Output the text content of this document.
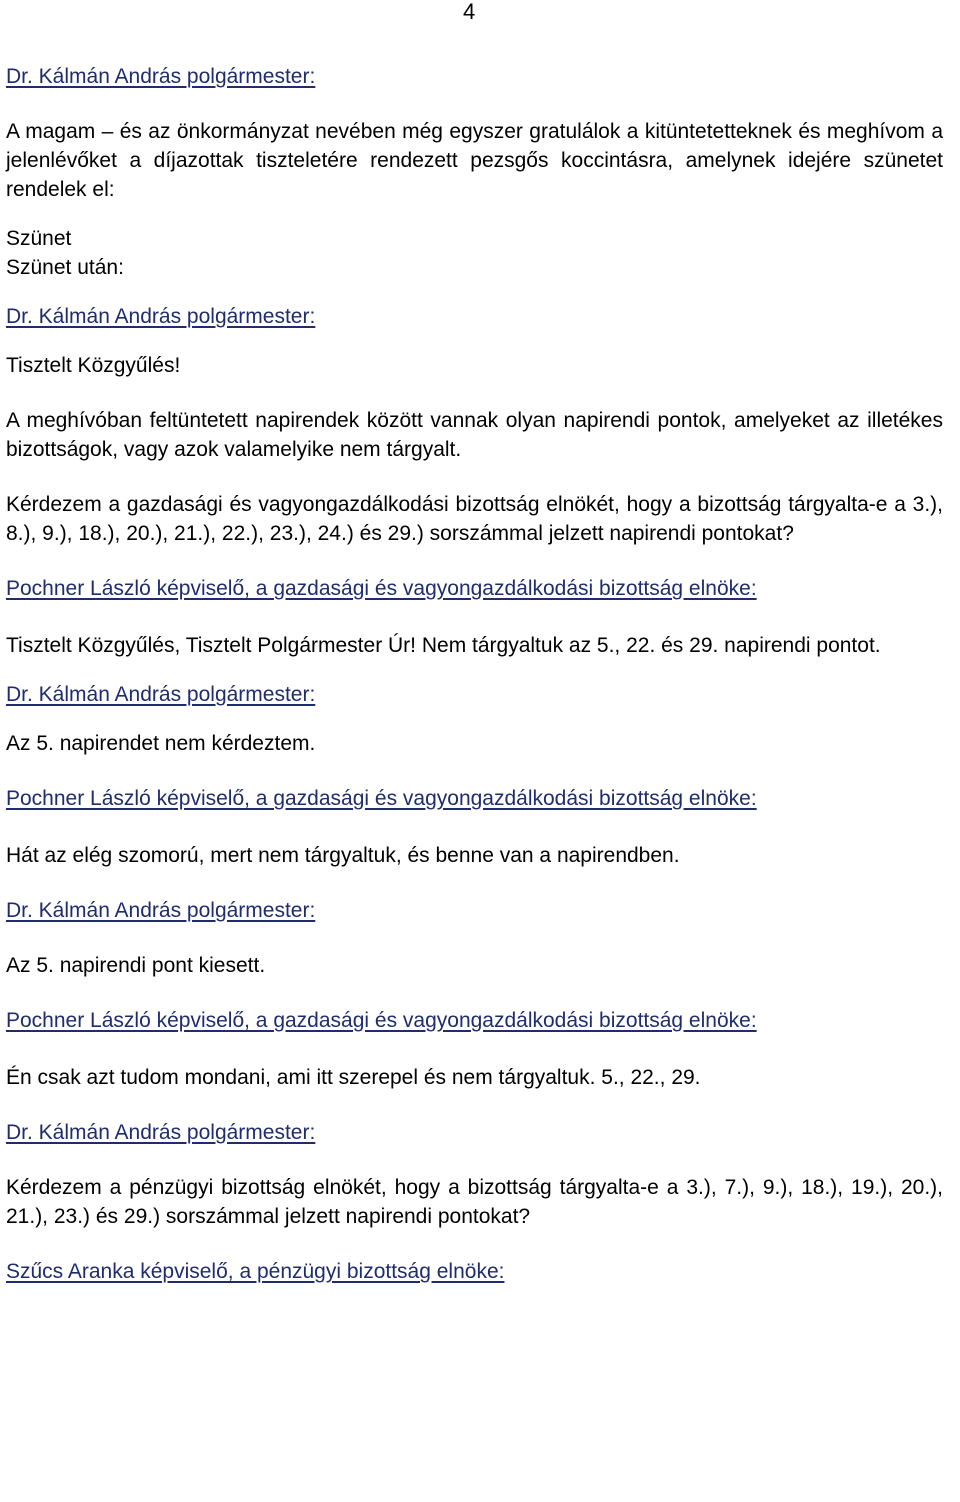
4

Dr. Kálmán András polgármester:

A magam – és az önkormányzat nevében még egyszer gratulálok a kitüntetetteknek és meghívom a jelenlévőket a díjazottak tiszteletére rendezett pezsgős koccintásra, amelynek idejére szünetet rendelek el:

Szünet

Szünet után:

Dr. Kálmán András polgármester:

Tisztelt Közgyűlés!

A meghívóban feltüntetett napirendek között vannak olyan napirendi pontok, amelyeket az illetékes bizottságok, vagy azok valamelyike nem tárgyalt.

Kérdezem a gazdasági és vagyongazdálkodási bizottság elnökét, hogy a bizottság tárgyalta-e a 3.), 8.), 9.), 18.), 20.), 21.), 22.), 23.), 24.) és 29.) sorszámmal jelzett napirendi pontokat?

Pochner László képviselő, a gazdasági és vagyongazdálkodási bizottság elnöke:

Tisztelt Közgyűlés, Tisztelt Polgármester Úr! Nem tárgyaltuk az 5., 22. és 29. napirendi pontot.

Dr. Kálmán András polgármester:

Az 5. napirendet nem kérdeztem.

Pochner László képviselő, a gazdasági és vagyongazdálkodási bizottság elnöke:

Hát az elég szomorú, mert nem tárgyaltuk, és benne van a napirendben.

Dr. Kálmán András polgármester:

Az 5. napirendi pont kiesett.

Pochner László képviselő, a gazdasági és vagyongazdálkodási bizottság elnöke:

Én csak azt tudom mondani, ami itt szerepel és nem tárgyaltuk. 5., 22., 29.

Dr. Kálmán András polgármester:

Kérdezem a pénzügyi bizottság elnökét, hogy a bizottság tárgyalta-e a 3.), 7.), 9.), 18.), 19.), 20.), 21.), 23.) és 29.) sorszámmal jelzett napirendi pontokat?

Szűcs Aranka képviselő, a pénzügyi bizottság elnöke:
